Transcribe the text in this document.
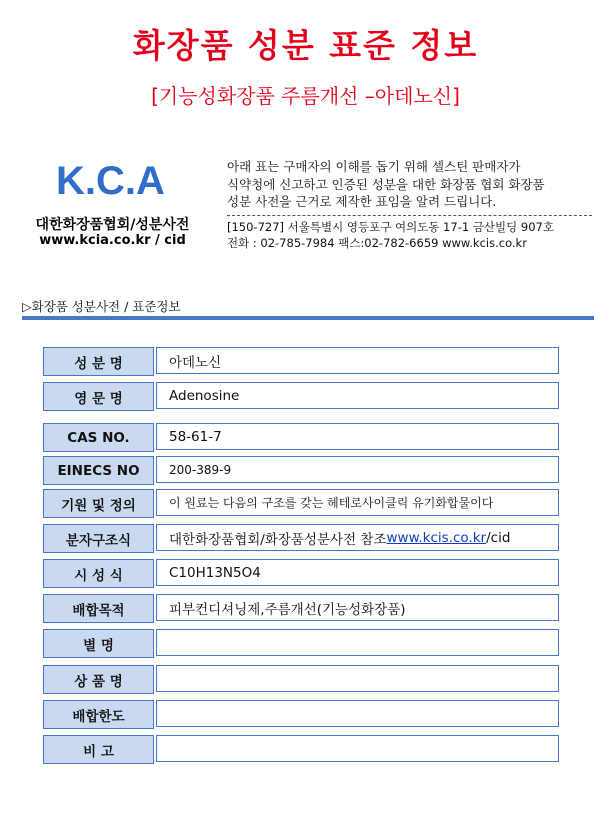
화장품 성분 표준 정보
[기능성화장품 주름개선 –아데노신]
K.C.A
대한화장품협회/성분사전
www.kcia.co.kr / cid
아래 표는 구매자의 이해를 돕기 위해 셀스틴 판매자가
식약청에 신고하고 인증된 성분을 대한 화장품 협회 화장품
성분 사전을 근거로 제작한 표임을 알려 드립니다.
[150-727] 서울특별시 영등포구 여의도동 17-1 금산빌딩 907호
전화 : 02-785-7984 팩스:02-782-6659 www.kcis.co.kr
▷화장품 성분사전 / 표준정보
성 분 명	아데노신
영 문 명	Adenosine
CAS NO.	58-61-7
EINECS NO	200-389-9
기원 및 정의	이 원료는 다음의 구조를 갖는 헤테로사이클릭 유기화합물이다
분자구조식	대한화장품협회/화장품성분사전 참조 www.kcis.co.kr /cid
시 성 식	C10H13N5O4
배합목적	피부컨디셔닝제,주름개선(기능성화장품)
별 명
상 품 명
배합한도
비 고
